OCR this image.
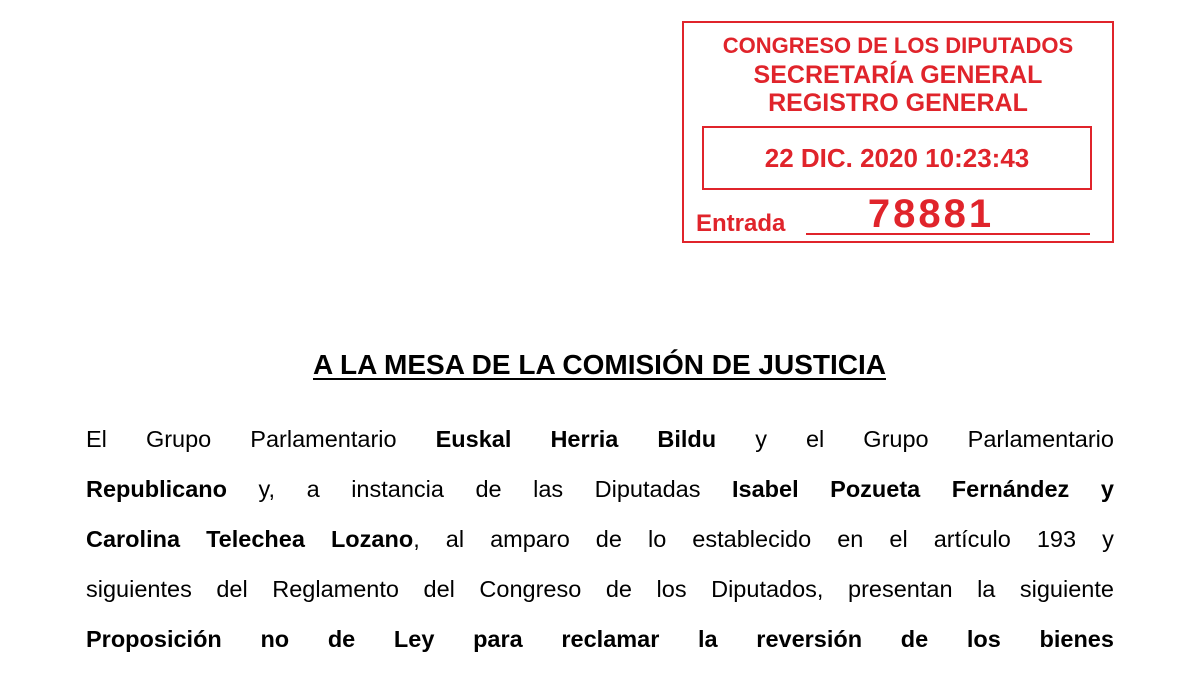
CONGRESO DE LOS DIPUTADOS
SECRETARÍA GENERAL
REGISTRO GENERAL
22 DIC. 2020 10:23:43
Entrada	78881
A LA MESA DE LA COMISIÓN DE JUSTICIA
El Grupo Parlamentario Euskal Herria Bildu y el Grupo Parlamentario
Republicano y, a instancia de las Diputadas Isabel Pozueta Fernández y
Carolina Telechea Lozano, al amparo de lo establecido en el artículo 193 y
siguientes del Reglamento del Congreso de los Diputados, presentan la siguiente
Proposición no de Ley para reclamar la reversión de los bienes
